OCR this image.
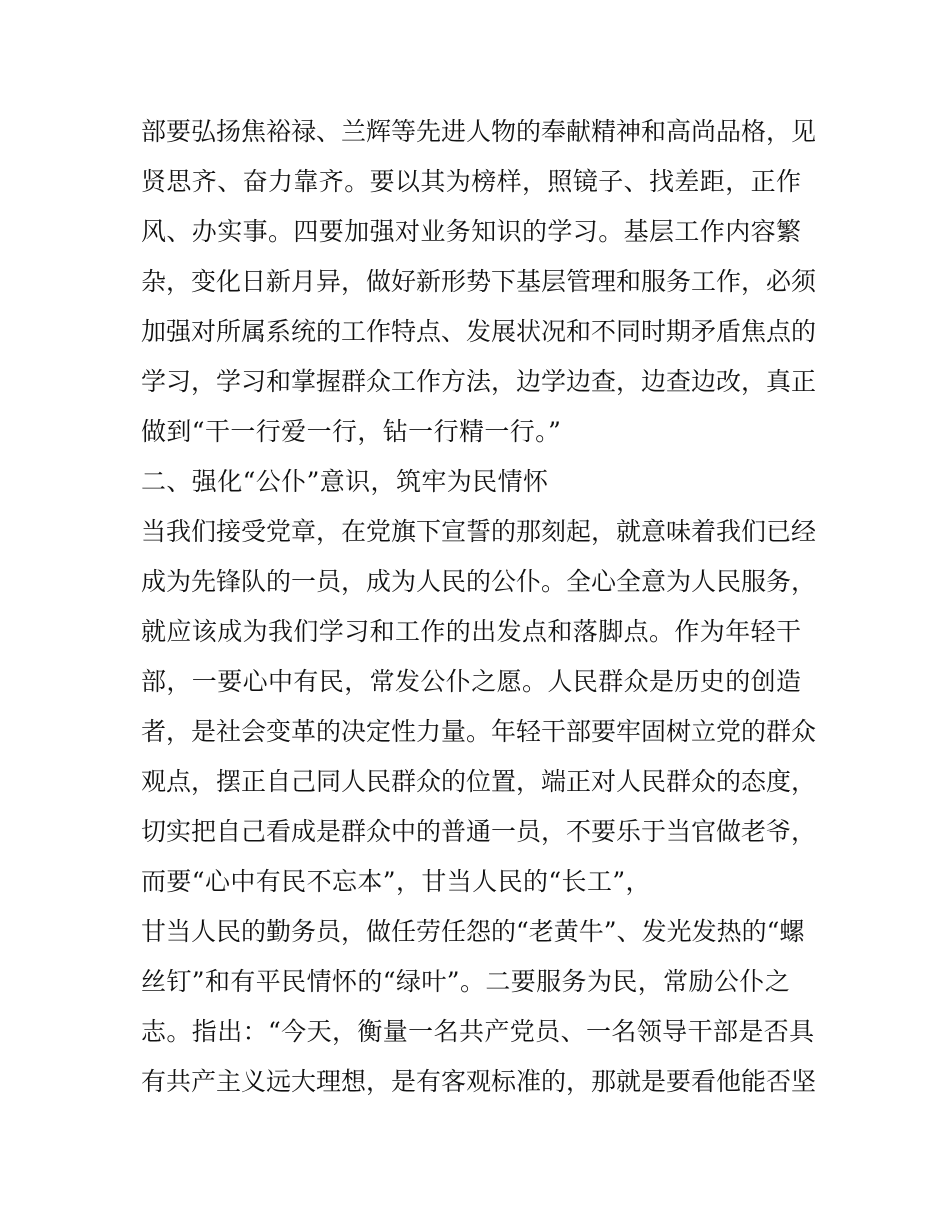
部要弘扬焦裕禄、兰辉等先进人物的奉献精神和高尚品格，见
贤思齐、奋力靠齐。要以其为榜样，照镜子、找差距，正作
风、办实事。四要加强对业务知识的学习。基层工作内容繁
杂，变化日新月异，做好新形势下基层管理和服务工作，必须
加强对所属系统的工作特点、发展状况和不同时期矛盾焦点的
学习，学习和掌握群众工作方法，边学边查，边查边改，真正
做到“干一行爱一行，钻一行精一行。”
二、强化“公仆”意识，筑牢为民情怀
当我们接受党章，在党旗下宣誓的那刻起，就意味着我们已经
成为先锋队的一员，成为人民的公仆。全心全意为人民服务，
就应该成为我们学习和工作的出发点和落脚点。作为年轻干
部，一要心中有民，常发公仆之愿。人民群众是历史的创造
者，是社会变革的决定性力量。年轻干部要牢固树立党的群众
观点，摆正自己同人民群众的位置，端正对人民群众的态度，
切实把自己看成是群众中的普通一员，不要乐于当官做老爷，
而要“心中有民不忘本”，甘当人民的“长工”，
甘当人民的勤务员，做任劳任怨的“老黄牛”、发光发热的“螺
丝钉”和有平民情怀的“绿叶”。二要服务为民，常励公仆之
志。指出：“今天，衡量一名共产党员、一名领导干部是否具
有共产主义远大理想，是有客观标准的，那就是要看他能否坚
